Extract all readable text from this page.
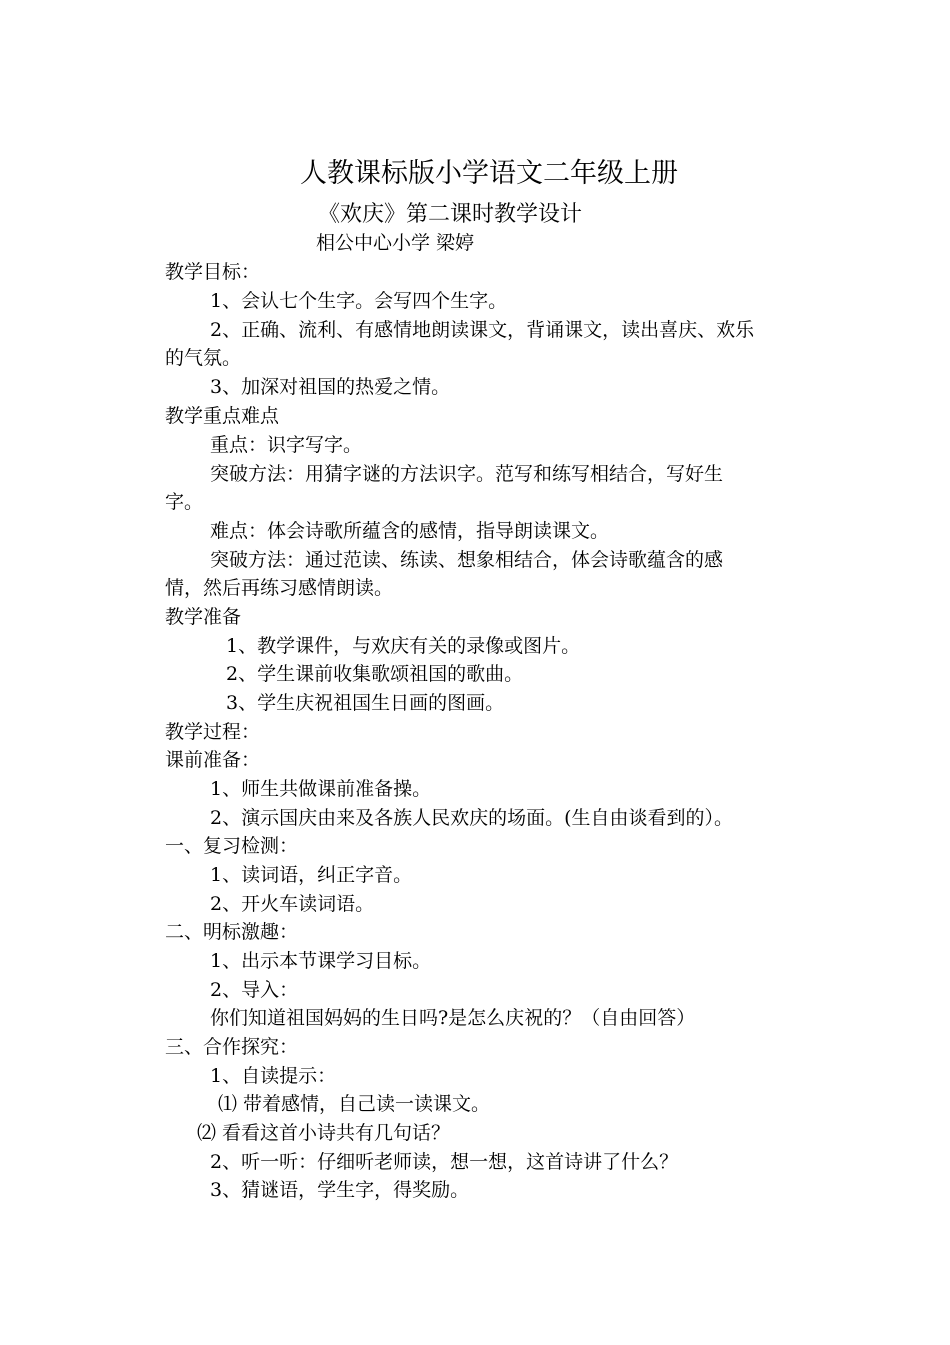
人教课标版小学语文二年级上册
《欢庆》第二课时教学设计
相公中心小学 梁婷
教学目标：
1、会认七个生字。会写四个生字。
2、正确、流利、有感情地朗读课文，背诵课文，读出喜庆、欢乐
的气氛。
3、加深对祖国的热爱之情。
教学重点难点
重点：识字写字。
突破方法：用猜字谜的方法识字。范写和练写相结合，写好生
字。
难点：体会诗歌所蕴含的感情，指导朗读课文。
突破方法：通过范读、练读、想象相结合，体会诗歌蕴含的感
情，然后再练习感情朗读。
教学准备
1、教学课件，与欢庆有关的录像或图片。
2、学生课前收集歌颂祖国的歌曲。
3、学生庆祝祖国生日画的图画。
教学过程：
课前准备：
1、师生共做课前准备操。
2、演示国庆由来及各族人民欢庆的场面。(生自由谈看到的）。
一、复习检测：
1、读词语，纠正字音。
2、开火车读词语。
二、明标激趣：
1、出示本节课学习目标。
2、导入：
你们知道祖国妈妈的生日吗?是怎么庆祝的？（自由回答）
三、合作探究：
1、自读提示：
⑴ 带着感情，自己读一读课文。
⑵ 看看这首小诗共有几句话？
2、听一听：仔细听老师读，想一想，这首诗讲了什么？
3、猜谜语，学生字，得奖励。
